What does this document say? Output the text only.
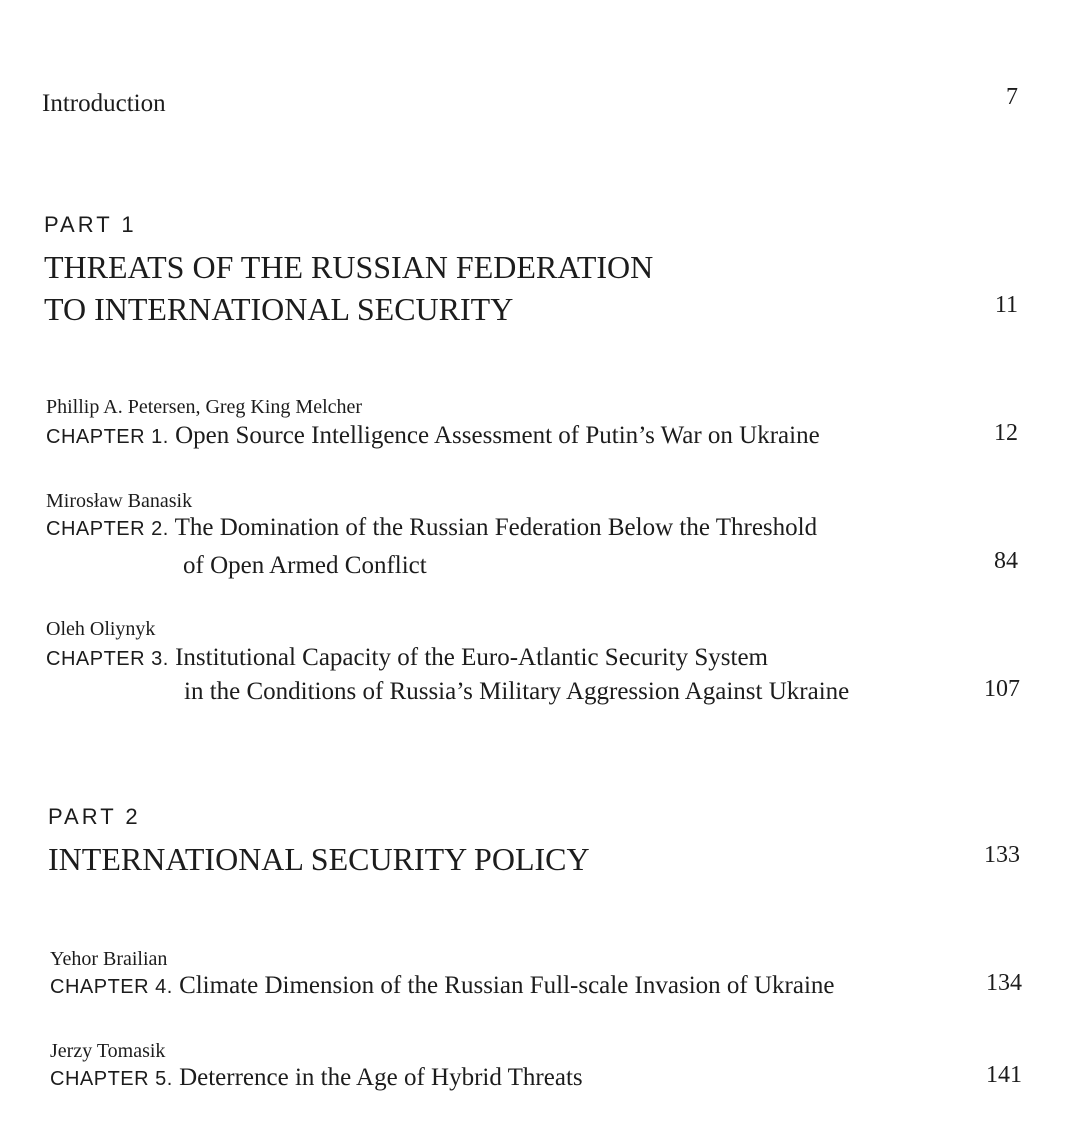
Introduction	7
PART 1
THREATS OF THE RUSSIAN FEDERATION
TO INTERNATIONAL SECURITY	11
Phillip A. Petersen, Greg King Melcher
CHAPTER 1. Open Source Intelligence Assessment of Putin’s War on Ukraine	12
Mirosław Banasik
CHAPTER 2. The Domination of the Russian Federation Below the Threshold
of Open Armed Conflict	84
Oleh Oliynyk
CHAPTER 3. Institutional Capacity of the Euro-Atlantic Security System
in the Conditions of Russia’s Military Aggression Against Ukraine	107
PART 2
INTERNATIONAL SECURITY POLICY	133
Yehor Brailian
CHAPTER 4. Climate Dimension of the Russian Full-scale Invasion of Ukraine	134
Jerzy Tomasik
CHAPTER 5. Deterrence in the Age of Hybrid Threats	141
